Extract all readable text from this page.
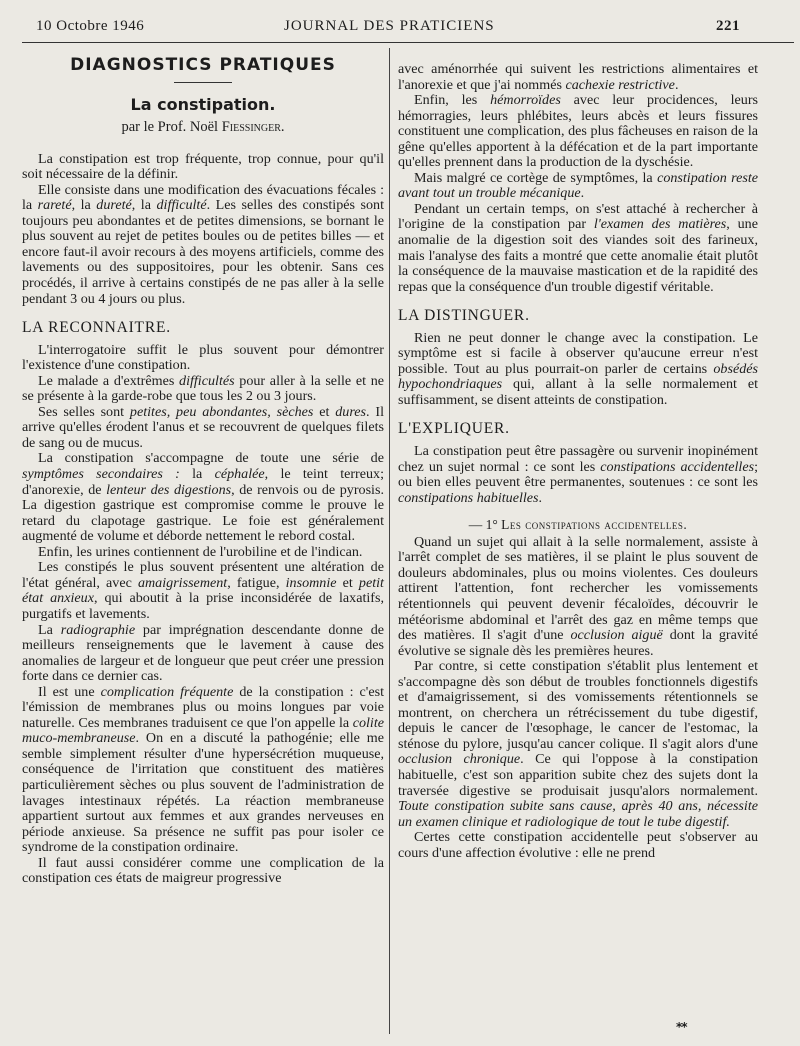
10 Octobre 1946	JOURNAL DES PRATICIENS	221
DIAGNOSTICS PRATIQUES
La constipation.
par le Prof. Noël Fiessinger.

La constipation est trop fréquente, trop connue, pour qu'il soit nécessaire de la définir.

Elle consiste dans une modification des évacuations fécales : la rareté, la dureté, la difficulté. Les selles des constipés sont toujours peu abondantes et de petites dimensions, se bornant le plus souvent au rejet de petites boules ou de petites billes — et encore faut-il avoir recours à des moyens artificiels, comme des lavements ou des suppositoires, pour les obtenir. Sans ces procédés, il arrive à certains constipés de ne pas aller à la selle pendant 3 ou 4 jours ou plus.

LA RECONNAITRE.

L'interrogatoire suffit le plus souvent pour démontrer l'existence d'une constipation.

Le malade a d'extrêmes difficultés pour aller à la selle et ne se présente à la garde-robe que tous les 2 ou 3 jours.

Ses selles sont petites, peu abondantes, sèches et dures. Il arrive qu'elles érodent l'anus et se recouvrent de quelques filets de sang ou de mucus.

La constipation s'accompagne de toute une série de symptômes secondaires : la céphalée, le teint terreux; d'anorexie, de lenteur des digestions, de renvois ou de pyrosis. La digestion gastrique est compromise comme le prouve le retard du clapotage gastrique. Le foie est généralement augmenté de volume et déborde nettement le rebord costal.

Enfin, les urines contiennent de l'urobiline et de l'indican.

Les constipés le plus souvent présentent une altération de l'état général, avec amaigrissement, fatigue, insomnie et petit état anxieux, qui aboutit à la prise inconsidérée de laxatifs, purgatifs et lavements.

La radiographie par imprégnation descendante donne de meilleurs renseignements que le lavement à cause des anomalies de largeur et de longueur que peut créer une pression forte dans ce dernier cas.

Il est une complication fréquente de la constipation : c'est l'émission de membranes plus ou moins longues par voie naturelle. Ces membranes traduisent ce que l'on appelle la colite muco-membraneuse. On en a discuté la pathogénie; elle me semble simplement résulter d'une hypersécrétion muqueuse, conséquence de l'irritation que constituent des matières particulièrement sèches ou plus souvent de l'administration de lavages intestinaux répétés. La réaction membraneuse appartient surtout aux femmes et aux grandes nerveuses en période anxieuse. Sa présence ne suffit pas pour isoler ce syndrome de la constipation ordinaire.

Il faut aussi considérer comme une complication de la constipation ces états de maigreur progressive

avec aménorrhée qui suivent les restrictions alimentaires et l'anorexie et que j'ai nommés cachexie restrictive.

Enfin, les hémorroïdes avec leur procidences, leurs hémorragies, leurs phlébites, leurs abcès et leurs fissures constituent une complication, des plus fâcheuses en raison de la gêne qu'elles apportent à la défécation et de la part importante qu'elles prennent dans la production de la dyschésie.

Mais malgré ce cortège de symptômes, la constipation reste avant tout un trouble mécanique.

Pendant un certain temps, on s'est attaché à rechercher à l'origine de la constipation par l'examen des matières, une anomalie de la digestion soit des viandes soit des farineux, mais l'analyse des faits a montré que cette anomalie était plutôt la conséquence de la mauvaise mastication et de la rapidité des repas que la conséquence d'un trouble digestif véritable.

LA DISTINGUER.

Rien ne peut donner le change avec la constipation. Le symptôme est si facile à observer qu'aucune erreur n'est possible. Tout au plus pourrait-on parler de certains obsédés hypochondriaques qui, allant à la selle normalement et suffisamment, se disent atteints de constipation.

L'EXPLIQUER.

La constipation peut être passagère ou survenir inopinément chez un sujet normal : ce sont les constipations accidentelles; ou bien elles peuvent être permanentes, soutenues : ce sont les constipations habituelles.

— 1° Les constipations accidentelles.

Quand un sujet qui allait à la selle normalement, assiste à l'arrêt complet de ses matières, il se plaint le plus souvent de douleurs abdominales, plus ou moins violentes. Ces douleurs attirent l'attention, font rechercher les vomissements rétentionnels qui peuvent devenir fécaloïdes, découvrir le météorisme abdominal et l'arrêt des gaz en même temps que des matières. Il s'agit d'une occlusion aiguë dont la gravité évolutive se signale dès les premières heures.

Par contre, si cette constipation s'établit plus lentement et s'accompagne dès son début de troubles fonctionnels digestifs et d'amaigrissement, si des vomissements rétentionnels se montrent, on cherchera un rétrécissement du tube digestif, depuis le cancer de l'œsophage, le cancer de l'estomac, la sténose du pylore, jusqu'au cancer colique. Il s'agit alors d'une occlusion chronique. Ce qui l'oppose à la constipation habituelle, c'est son apparition subite chez des sujets dont la traversée digestive se produisait jusqu'alors normalement. Toute constipation subite sans cause, après 40 ans, nécessite un examen clinique et radiologique de tout le tube digestif.

Certes cette constipation accidentelle peut s'observer au cours d'une affection évolutive : elle ne prend

**
